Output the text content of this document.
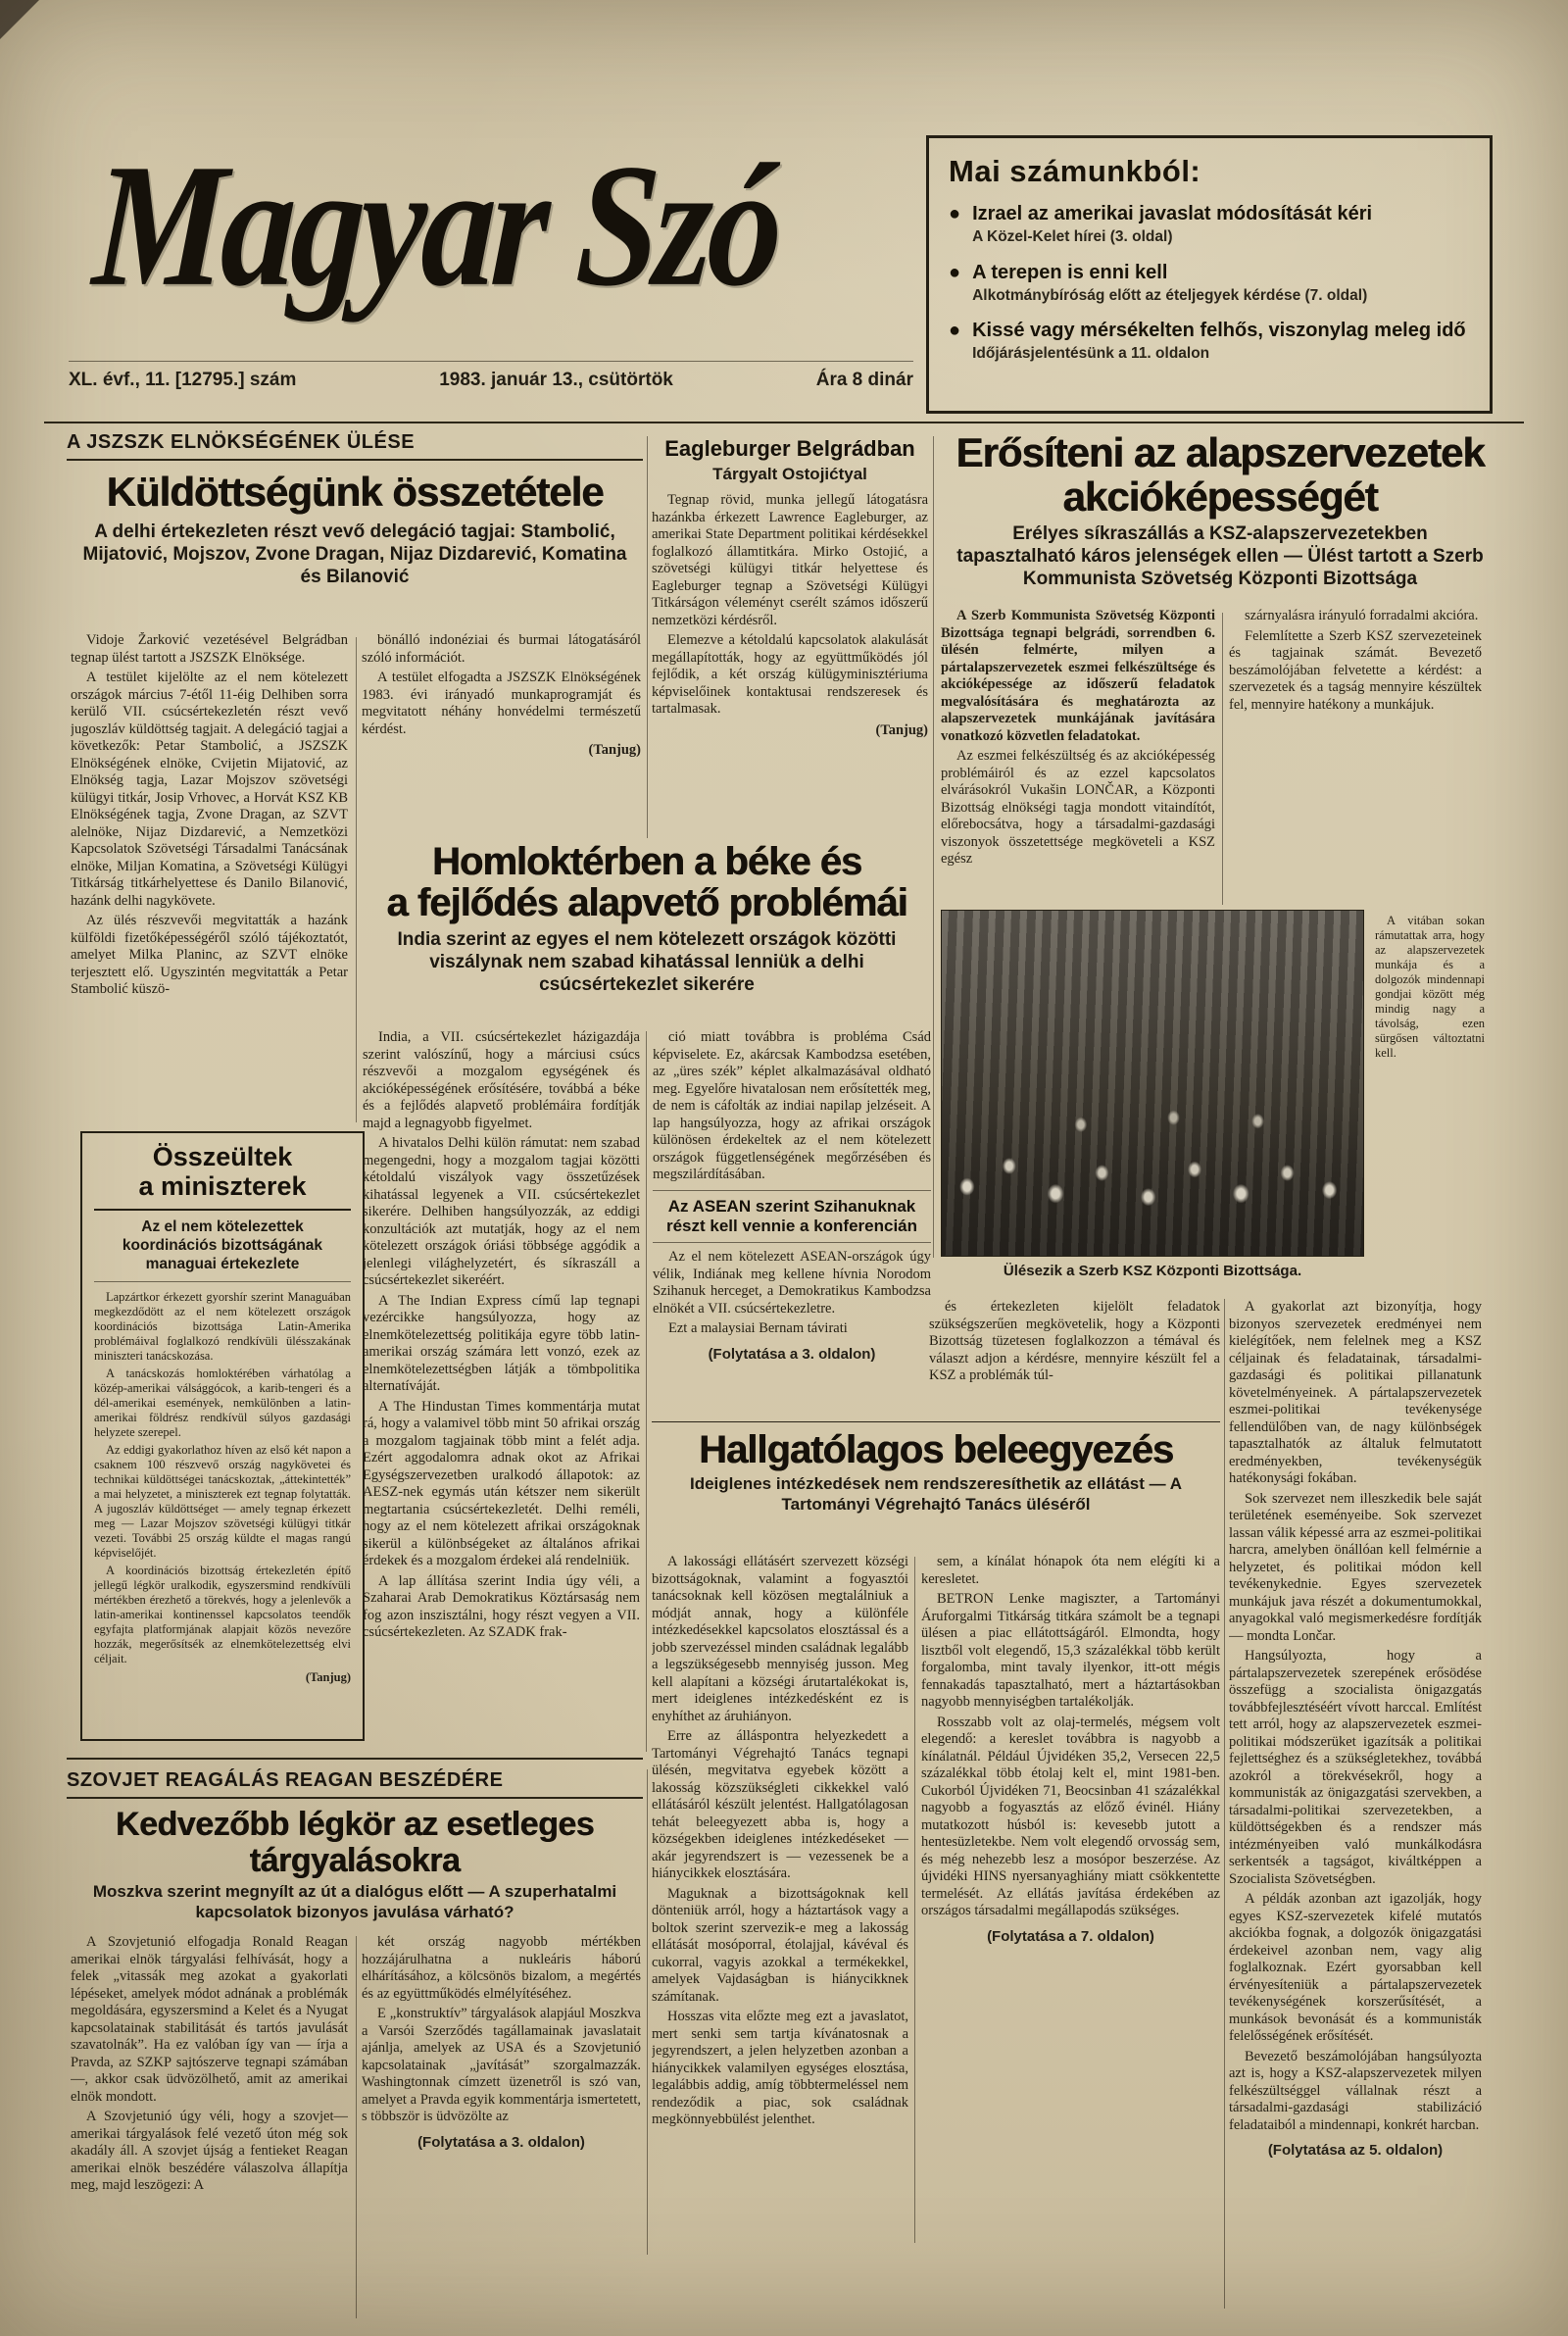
Magyar Szó
XL. évf., 11. [12795.] szám	1983. január 13., csütörtök	Ára 8 dinár
Mai számunkból:
● Izrael az amerikai javaslat módosítását kéri
A Közel-Kelet hírei (3. oldal)
● A terepen is enni kell
Alkotmánybíróság előtt az ételjegyek kérdése (7. oldal)
● Kissé vagy mérsékelten felhős, viszonylag meleg idő
Időjárásjelentésünk a 11. oldalon
A JSZSZK ELNÖKSÉGÉNEK ÜLÉSE
Küldöttségünk összetétele

A delhi értekezleten részt vevő delegáció tagjai: Stambolić, Mijatović, Mojszov, Zvone Dragan, Nijaz Dizdarević, Komatina és Bilanović

Vidoje Žarković vezetésével Belgrádban tegnap ülést tartott a JSZSZK Elnöksége.

A testület kijelölte az el nem kötelezett országok március 7-étől 11-éig Delhiben sorra kerülő VII. csúcsértekezletén részt vevő jugoszláv küldöttség tagjait. A delegáció tagjai a következők: Petar Stambolić, a JSZSZK Elnökségének elnöke, Cvijetin Mijatović, az Elnökség tagja, Lazar Mojszov szövetségi külügyi titkár, Josip Vrhovec, a Horvát KSZ KB Elnökségének tagja, Zvone Dragan, az SZVT alelnöke, Nijaz Dizdarević, a Nemzetközi Kapcsolatok Szövetségi Társadalmi Tanácsának elnöke, Miljan Komatina, a Szövetségi Külügyi Titkárság titkárhelyettese és Danilo Bilanović, hazánk delhi nagykövete.

Az ülés részvevői megvitatták a hazánk külföldi fizetőképességéről szóló tájékoztatót, amelyet Milka Planinc, az SZVT elnöke terjesztett elő. Ugyszintén megvitatták a Petar Stambolić küszö-

bönálló indonéziai és burmai látogatásáról szóló információt.

A testület elfogadta a JSZSZK Elnökségének 1983. évi irányadó munkaprogramját és megvitatott néhány honvédelmi természetű kérdést.

(Tanjug)

Összeültek
a miniszterek
Az el nem kötelezettek koordinációs bizottságának managuai értekezlete

Lapzártkor érkezett gyorshír szerint Managuában megkezdődött az el nem kötelezett országok koordinációs bizottsága Latin-Amerika problémáival foglalkozó rendkívüli ülésszakának miniszteri tanácskozása.

A tanácskozás homloktérében várhatólag a közép-amerikai válsággócok, a karib-tengeri és a dél-amerikai események, nemkülönben a latin-amerikai földrész rendkívül súlyos gazdasági helyzete szerepel.

Az eddigi gyakorlathoz híven az első két napon a csaknem 100 részvevő ország nagykövetei és technikai küldöttségei tanácskoztak, „áttekintették” a mai helyzetet, a miniszterek ezt tegnap folytatták. A jugoszláv küldöttséget — amely tegnap érkezett meg — Lazar Mojszov szövetségi külügyi titkár vezeti. További 25 ország küldte el magas rangú képviselőjét.

A koordinációs bizottság értekezletén építő jellegű légkör uralkodik, egyszersmind rendkívüli mértékben érezhető a törekvés, hogy a jelenlevők a latin-amerikai kontinenssel kapcsolatos teendők egyfajta platformjának alapjait közös nevezőre hozzák, megerősítsék az elnemkötelezettség elvi céljait.

(Tanjug)

Eagleburger Belgrádban
Tárgyalt Ostojićtyal

Tegnap rövid, munka jellegű látogatásra hazánkba érkezett Lawrence Eagleburger, az amerikai State Department politikai kérdésekkel foglalkozó államtitkára. Mirko Ostojić, a szövetségi külügyi titkár helyettese és Eagleburger tegnap a Szövetségi Külügyi Titkárságon véleményt cserélt számos időszerű nemzetközi kérdésről.

Elemezve a kétoldalú kapcsolatok alakulását megállapították, hogy az együttműködés jól fejlődik, a két ország külügyminisztériuma képviselőinek kontaktusai rendszeresek és tartalmasak.

(Tanjug)

Erősíteni az alapszervezetek
akcióképességét

Erélyes síkraszállás a KSZ-alapszervezetekben tapasztalható káros jelenségek ellen — Ülést tartott a Szerb Kommunista Szövetség Központi Bizottsága

A Szerb Kommunista Szövetség Központi Bizottsága tegnapi belgrádi, sorrendben 6. ülésén felmérte, milyen a pártalapszervezetek eszmei felkészültsége és akcióképessége az időszerű feladatok megvalósítására és meghatározta az alapszervezetek munkájának javítására vonatkozó közvetlen feladatokat.

Az eszmei felkészültség és az akcióképesség problémáiról és az ezzel kapcsolatos elvárásokról Vukašin LONČAR, a Központi Bizottság elnökségi tagja mondott vitaindítót, előrebocsátva, hogy a társadalmi-gazdasági viszonyok összetettsége megköveteli a KSZ egész

szárnyalásra irányuló forradalmi akcióra.

Felemlítette a Szerb KSZ szervezeteinek és tagjainak számát. Bevezető beszámolójában felvetette a kérdést: a szervezetek és a tagság mennyire készültek fel, mennyire hatékony a munkájuk.

Ülésezik a Szerb KSZ Központi Bizottsága.

A vitában sokan rámutattak arra, hogy az alapszervezetek munkája és a dolgozók mindennapi gondjai között még mindig nagy a távolság, ezen sürgősen változtatni kell.

és értekezleten kijelölt feladatok szükségszerűen megkövetelik, hogy a Központi Bizottság tüzetesen foglalkozzon a témával és választ adjon a kérdésre, mennyire készült fel a KSZ a problémák túl-

A gyakorlat azt bizonyítja, hogy bizonyos szervezetek eredményei nem kielégítőek, nem felelnek meg a KSZ céljainak és feladatainak, társadalmi-gazdasági és politikai pillanatunk követelményeinek. A pártalapszervezetek eszmei-politikai tevékenysége fellendülőben van, de nagy különbségek tapasztalhatók az általuk felmutatott eredményekben, tevékenységük hatékonysági fokában.

Sok szervezet nem illeszkedik bele saját területének eseményeibe. Sok szervezet lassan válik képessé arra az eszmei-politikai harcra, amelyben önállóan kell felmérnie a helyzetet, és politikai módon kell tevékenykednie. Egyes szervezetek munkájuk java részét a dokumentumokkal, anyagokkal való megismerkedésre fordítják — mondta Lončar.

Hangsúlyozta, hogy a pártalapszervezetek szerepének erősödése összefügg a szocialista önigazgatás továbbfejlesztéséért vívott harccal. Említést tett arról, hogy az alapszervezetek eszmei-politikai módszerüket igazítsák a politikai fejlettséghez és a szükségletekhez, továbbá azokról a törekvésekről, hogy a kommunisták az önigazgatási szervekben, a társadalmi-politikai szervezetekben, a küldöttségekben és a rendszer más intézményeiben való munkálkodásra serkentsék a tagságot, kiváltképpen a Szocialista Szövetségben.

A példák azonban azt igazolják, hogy egyes KSZ-szervezetek kifelé mutatós akciókba fognak, a dolgozók önigazgatási érdekeivel azonban nem, vagy alig foglalkoznak. Ezért gyorsabban kell érvényesíteniük a pártalapszervezetek tevékenységének korszerűsítését, a munkások bevonását és a kommunisták felelősségének erősítését.

Bevezető beszámolójában hangsúlyozta azt is, hogy a KSZ-alapszervezetek milyen felkészültséggel vállalnak részt a társadalmi-gazdasági stabilizáció feladataiból a mindennapi, konkrét harcban.

(Folytatása az 5. oldalon)

Homloktérben a béke és
a fejlődés alapvető problémái

India szerint az egyes el nem kötelezett országok közötti viszálynak nem szabad kihatással lenniük a delhi csúcsértekezlet sikerére

India, a VII. csúcsértekezlet házigazdája szerint valószínű, hogy a márciusi csúcs részvevői a mozgalom egységének és akcióképességének erősítésére, továbbá a béke és a fejlődés alapvető problémáira fordítják majd a legnagyobb figyelmet.

A hivatalos Delhi külön rámutat: nem szabad megengedni, hogy a mozgalom tagjai közötti kétoldalú viszályok vagy összetűzések kihatással legyenek a VII. csúcsértekezlet sikerére. Delhiben hangsúlyozzák, az eddigi konzultációk azt mutatják, hogy az el nem kötelezett országok óriási többsége aggódik a jelenlegi világhelyzetért, és síkraszáll a csúcsértekezlet sikeréért.

A The Indian Express című lap tegnapi vezércikke hangsúlyozza, hogy az elnemkötelezettség politikája egyre több latin-amerikai ország számára lett vonzó, ezek az elnemkötelezettségben látják a tömbpolitika alternatíváját.

A The Hindustan Times kommentárja mutat rá, hogy a valamivel több mint 50 afrikai ország a mozgalom tagjainak több mint a felét adja. Ezért aggodalomra adnak okot az Afrikai Egységszervezetben uralkodó állapotok: az AESZ-nek egymás után kétszer nem sikerült megtartania csúcsértekezletét. Delhi reméli, hogy az el nem kötelezett afrikai országoknak sikerül a különbségeket az általános afrikai érdekek és a mozgalom érdekei alá rendelniük.

A lap állítása szerint India úgy véli, a Szaharai Arab Demokratikus Köztársaság nem fog azon inszisztálni, hogy részt vegyen a VII. csúcsértekezleten. Az SZADK frak-

ció miatt továbbra is probléma Csád képviselete. Ez, akárcsak Kambodzsa esetében, az „üres szék” képlet alkalmazásával oldható meg. Egyelőre hivatalosan nem erősítették meg, de nem is cáfolták az indiai napilap jelzéseit. A lap hangsúlyozza, hogy az afrikai országok különösen érdekeltek az el nem kötelezett országok függetlenségének megőrzésében és megszilárdításában.

Az ASEAN szerint Szihanuknak részt kell vennie a konferencián

Az el nem kötelezett ASEAN-országok úgy vélik, Indiának meg kellene hívnia Norodom Szihanuk herceget, a Demokratikus Kambodzsa elnökét a VII. csúcsértekezletre.

Ezt a malaysiai Bernam távirati

(Folytatása a 3. oldalon)

Hallgatólagos beleegyezés

Ideiglenes intézkedések nem rendszeresíthetik az ellátást — A Tartományi Végrehajtó Tanács üléséről

A lakossági ellátásért szervezett községi bizottságoknak, valamint a fogyasztói tanácsoknak kell közösen megtalálniuk a módját annak, hogy a különféle intézkedésekkel kapcsolatos elosztással és a jobb szervezéssel minden családnak legalább a legszükségesebb mennyiség jusson. Meg kell alapítani a községi árutartalékokat is, mert ideiglenes intézkedésként ez is enyhíthet az áruhiányon.

Erre az álláspontra helyezkedett a Tartományi Végrehajtó Tanács tegnapi ülésén, megvitatva egyebek között a lakosság közszükségleti cikkekkel való ellátásáról készült jelentést. Hallgatólagosan tehát beleegyezett abba is, hogy a községekben ideiglenes intézkedéseket — akár jegyrendszert is — vezessenek be a hiánycikkek elosztására.

Maguknak a bizottságoknak kell dönteniük arról, hogy a háztartások vagy a boltok szerint szervezik-e meg a lakosság ellátását mosóporral, étolajjal, kávéval és cukorral, vagyis azokkal a termékekkel, amelyek Vajdaságban is hiánycikknek számítanak.

Hosszas vita előzte meg ezt a javaslatot, mert senki sem tartja kívánatosnak a jegyrendszert, a jelen helyzetben azonban a hiánycikkek valamilyen egységes elosztása, legalábbis addig, amíg többtermeléssel nem rendeződik a piac, sok családnak megkönnyebbülést jelenthet.

sem, a kínálat hónapok óta nem elégíti ki a keresletet.

BETRON Lenke magiszter, a Tartományi Áruforgalmi Titkárság titkára számolt be a tegnapi ülésen a piac ellátottságáról. Elmondta, hogy lisztből volt elegendő, 15,3 százalékkal több került forgalomba, mint tavaly ilyenkor, itt-ott mégis fennakadás tapasztalható, mert a háztartásokban nagyobb mennyiségben tartalékolják.

Rosszabb volt az olaj-termelés, mégsem volt elegendő: a kereslet továbbra is nagyobb a kínálatnál. Például Újvidéken 35,2, Versecen 22,5 százalékkal több étolaj kelt el, mint 1981-ben. Cukorból Újvidéken 71, Beocsinban 41 százalékkal nagyobb a fogyasztás az előző évinél. Hiány mutatkozott húsból is: kevesebb jutott a hentesüzletekbe. Nem volt elegendő orvosság sem, és még nehezebb lesz a mosópor beszerzése. Az újvidéki HINS nyersanyaghiány miatt csökkentette termelését. Az ellátás javítása érdekében az országos társadalmi megállapodás szükséges.

(Folytatása a 7. oldalon)

SZOVJET REAGÁLÁS REAGAN BESZÉDÉRE
Kedvezőbb légkör az esetleges
tárgyalásokra

Moszkva szerint megnyílt az út a dialógus előtt — A szuperhatalmi kapcsolatok bizonyos javulása várható?

A Szovjetunió elfogadja Ronald Reagan amerikai elnök tárgyalási felhívását, hogy a felek „vitassák meg azokat a gyakorlati lépéseket, amelyek módot adnának a problémák megoldására, egyszersmind a Kelet és a Nyugat kapcsolatainak stabilitását és tartós javulását szavatolnák”. Ha ez valóban így van — írja a Pravda, az SZKP sajtószerve tegnapi számában —, akkor csak üdvözölhető, amit az amerikai elnök mondott.

A Szovjetunió úgy véli, hogy a szovjet—amerikai tárgyalások felé vezető úton még sok akadály áll. A szovjet újság a fentieket Reagan amerikai elnök beszédére válaszolva állapítja meg, majd leszögezi: A

két ország nagyobb mértékben hozzájárulhatna a nukleáris háború elhárításához, a kölcsönös bizalom, a megértés és az együttműködés elmélyítéséhez.

E „konstruktív” tárgyalások alapjául Moszkva a Varsói Szerződés tagállamainak javaslatait ajánlja, amelyek az USA és a Szovjetunió kapcsolatainak „javítását” szorgalmazzák. Washingtonnak címzett üzenetről is szó van, amelyet a Pravda egyik kommentárja ismertetett, s többször is üdvözölte az

(Folytatása a 3. oldalon)
